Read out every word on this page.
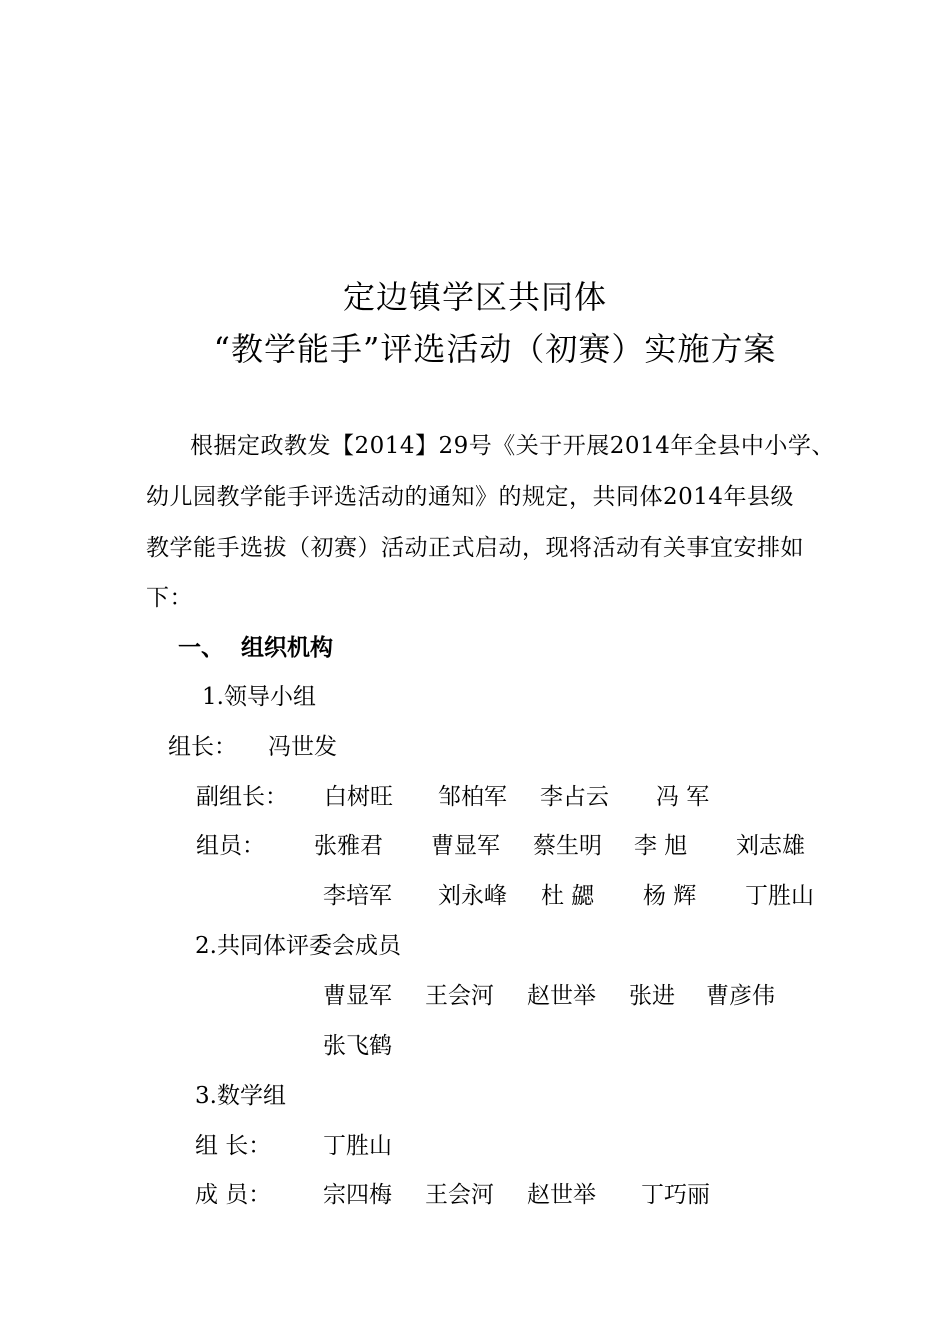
定边镇学区共同体
“教学能手”评选活动（初赛）实施方案
根据定政教发【2014】29号《关于开展2014年全县中小学、
幼儿园教学能手评选活动的通知》的规定，共同体2014年县级
教学能手选拔（初赛）活动正式启动，现将活动有关事宜安排如
下：
一、 组织机构
1.领导小组
组长： 冯世发
副组长： 白树旺 邹柏军 李占云 冯 军
组员： 张雅君 曹显军 蔡生明 李 旭 刘志雄
李培军 刘永峰 杜 勰 杨 辉 丁胜山
2.共同体评委会成员
曹显军 王会河 赵世举 张进 曹彦伟
张飞鹤
3.数学组
组 长： 丁胜山
成 员： 宗四梅 王会河 赵世举 丁巧丽
